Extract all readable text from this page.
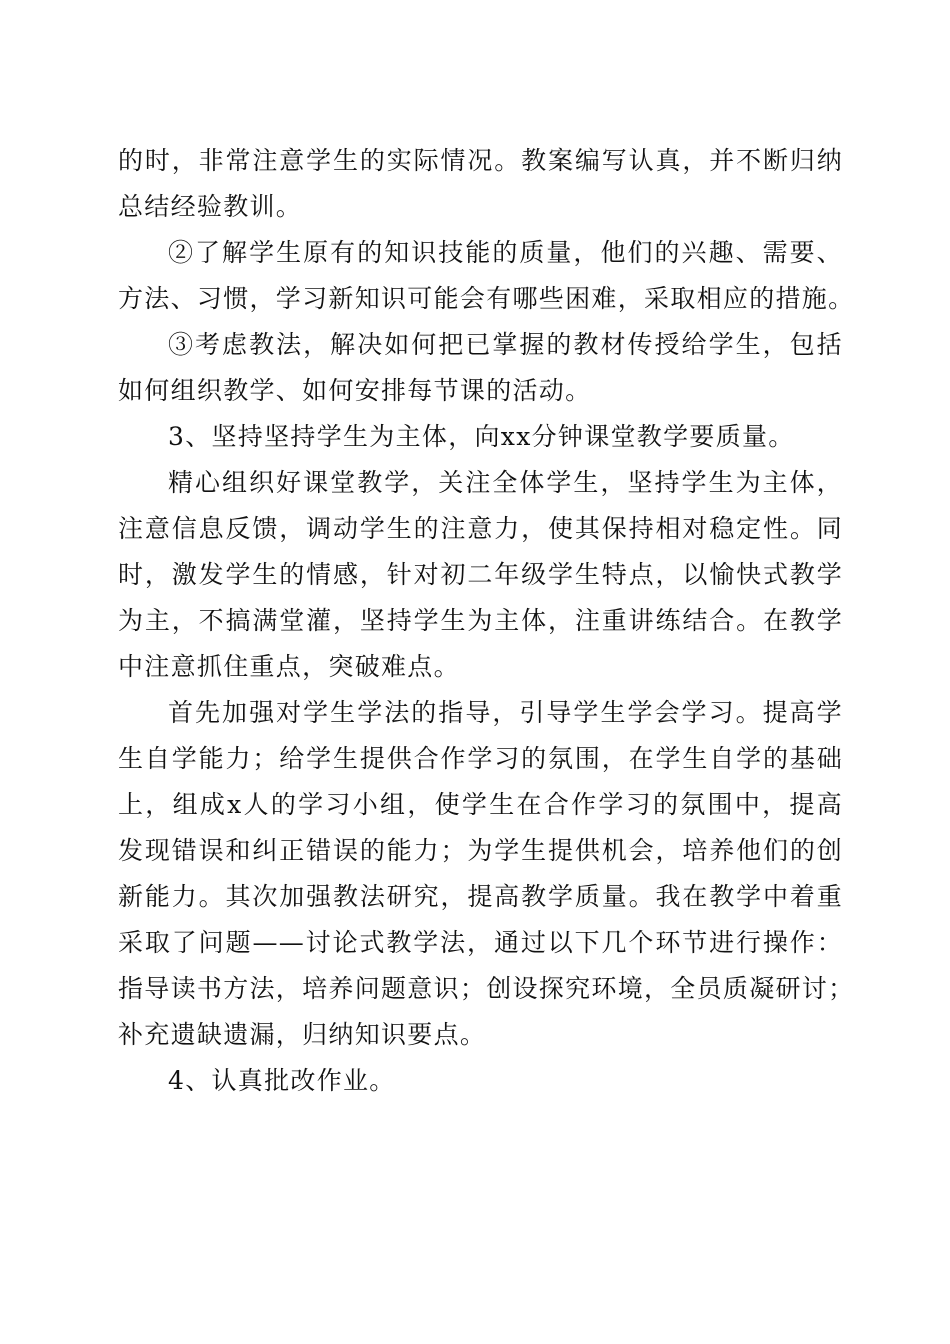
的时，非常注意学生的实际情况。教案编写认真，并不断归纳
总结经验教训。
②了解学生原有的知识技能的质量，他们的兴趣、需要、
方法、习惯，学习新知识可能会有哪些困难，采取相应的措施。
③考虑教法，解决如何把已掌握的教材传授给学生，包括
如何组织教学、如何安排每节课的活动。
3、坚持坚持学生为主体，向xx分钟课堂教学要质量。
精心组织好课堂教学，关注全体学生，坚持学生为主体，
注意信息反馈，调动学生的注意力，使其保持相对稳定性。同
时，激发学生的情感，针对初二年级学生特点，以愉快式教学
为主，不搞满堂灌，坚持学生为主体，注重讲练结合。在教学
中注意抓住重点，突破难点。
首先加强对学生学法的指导，引导学生学会学习。提高学
生自学能力；给学生提供合作学习的氛围，在学生自学的基础
上，组成x人的学习小组，使学生在合作学习的氛围中，提高
发现错误和纠正错误的能力；为学生提供机会，培养他们的创
新能力。其次加强教法研究，提高教学质量。我在教学中着重
采取了问题——讨论式教学法，通过以下几个环节进行操作：
指导读书方法，培养问题意识；创设探究环境，全员质凝研讨；
补充遗缺遗漏，归纳知识要点。
4、认真批改作业。
